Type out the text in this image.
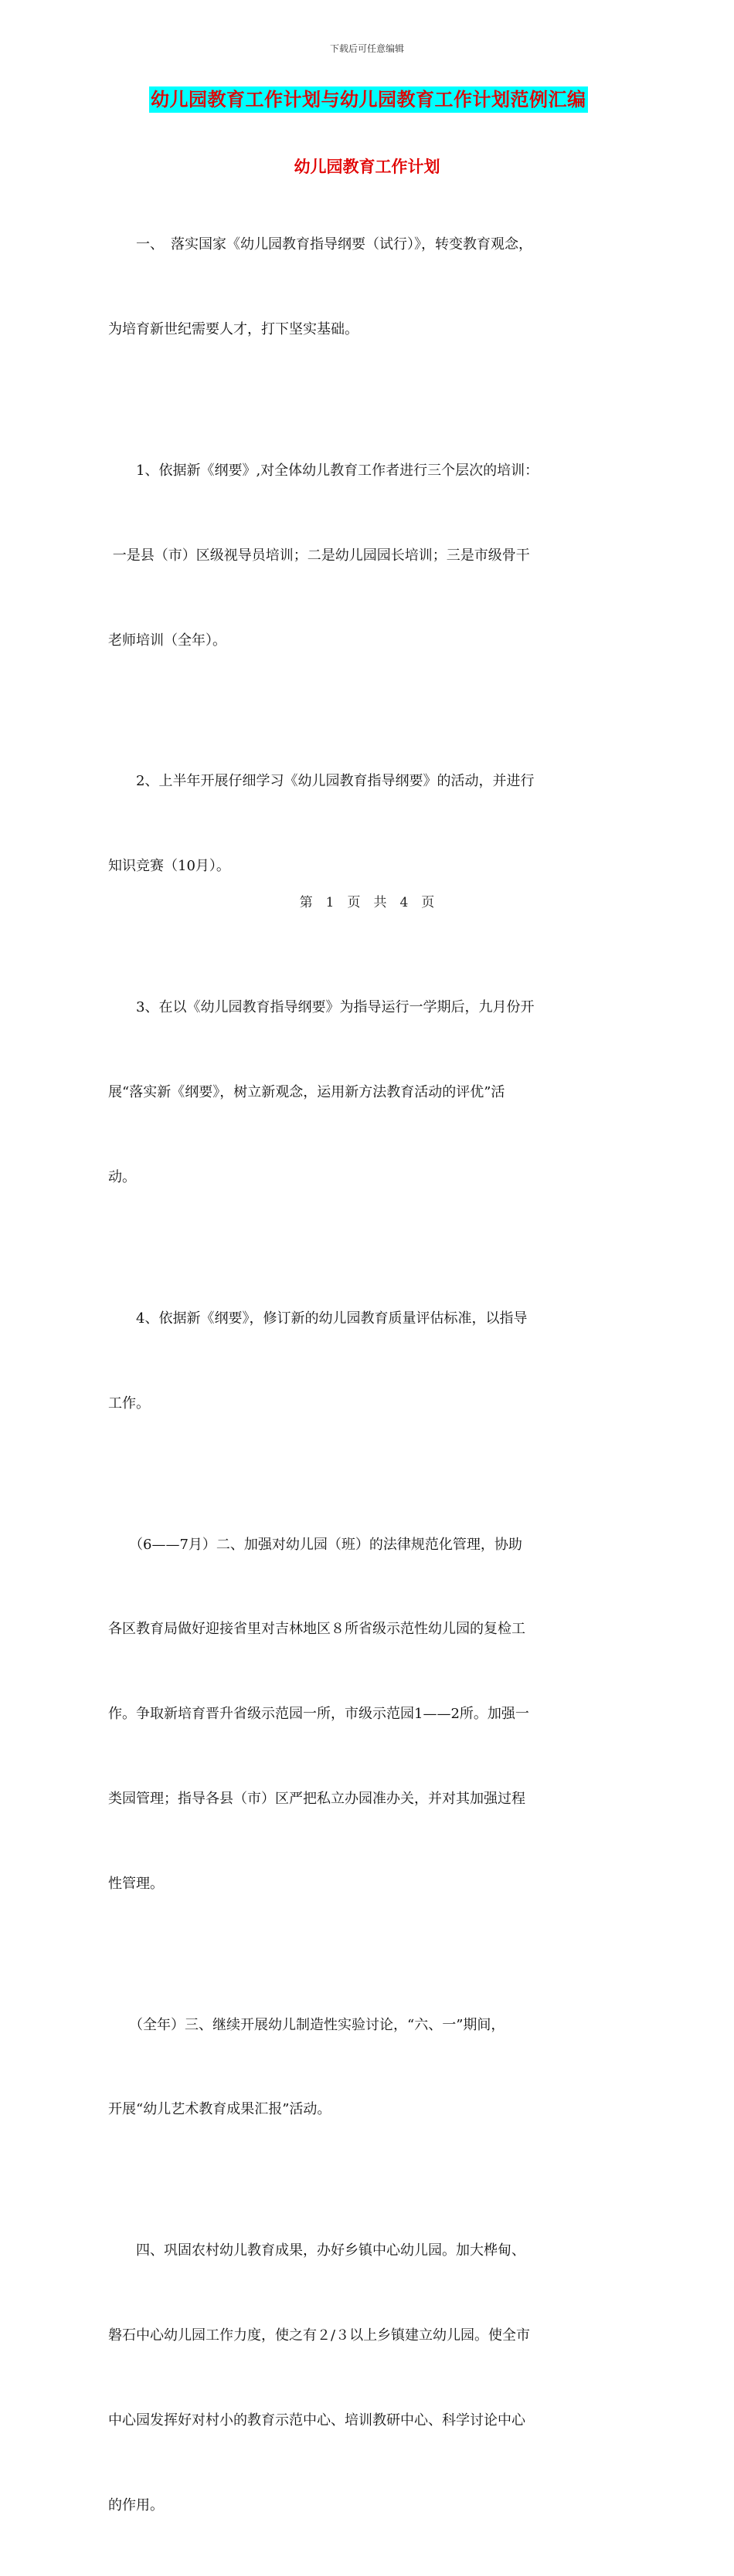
下载后可任意编辑
幼儿园教育工作计划与幼儿园教育工作计划范例汇编
幼儿园教育工作计划

　　一、　落实国家《幼儿园教育指导纲要（试行）》，转变教育观念，

为培育新世纪需要人才，打下坚实基础。

　　1、依据新《纲要》,对全体幼儿教育工作者进行三个层次的培训：

一是县（市）区级视导员培训；二是幼儿园园长培训；三是市级骨干

老师培训（全年）。

　　2、上半年开展仔细学习《幼儿园教育指导纲要》的活动，并进行

知识竞赛（10月）。

　　3、在以《幼儿园教育指导纲要》为指导运行一学期后，九月份开

展“落实新《纲要》，树立新观念，运用新方法教育活动的评优”活

动。

　　4、依据新《纲要》，修订新的幼儿园教育质量评估标准，以指导

工作。

　　（6——7月）二、加强对幼儿园（班）的法律规范化管理，协助

各区教育局做好迎接省里对吉林地区８所省级示范性幼儿园的复检工

作。争取新培育晋升省级示范园一所，市级示范园1——2所。加强一

类园管理；指导各县（市）区严把私立办园准办关，并对其加强过程

性管理。

　　（全年）三、继续开展幼儿制造性实验讨论，“六、一”期间，

开展“幼儿艺术教育成果汇报”活动。

　　四、巩固农村幼儿教育成果，办好乡镇中心幼儿园。加大桦甸、

磐石中心幼儿园工作力度，使之有２/３以上乡镇建立幼儿园。使全市

中心园发挥好对村小的教育示范中心、培训教研中心、科学讨论中心

的作用。

第　1　页　共　4　页
